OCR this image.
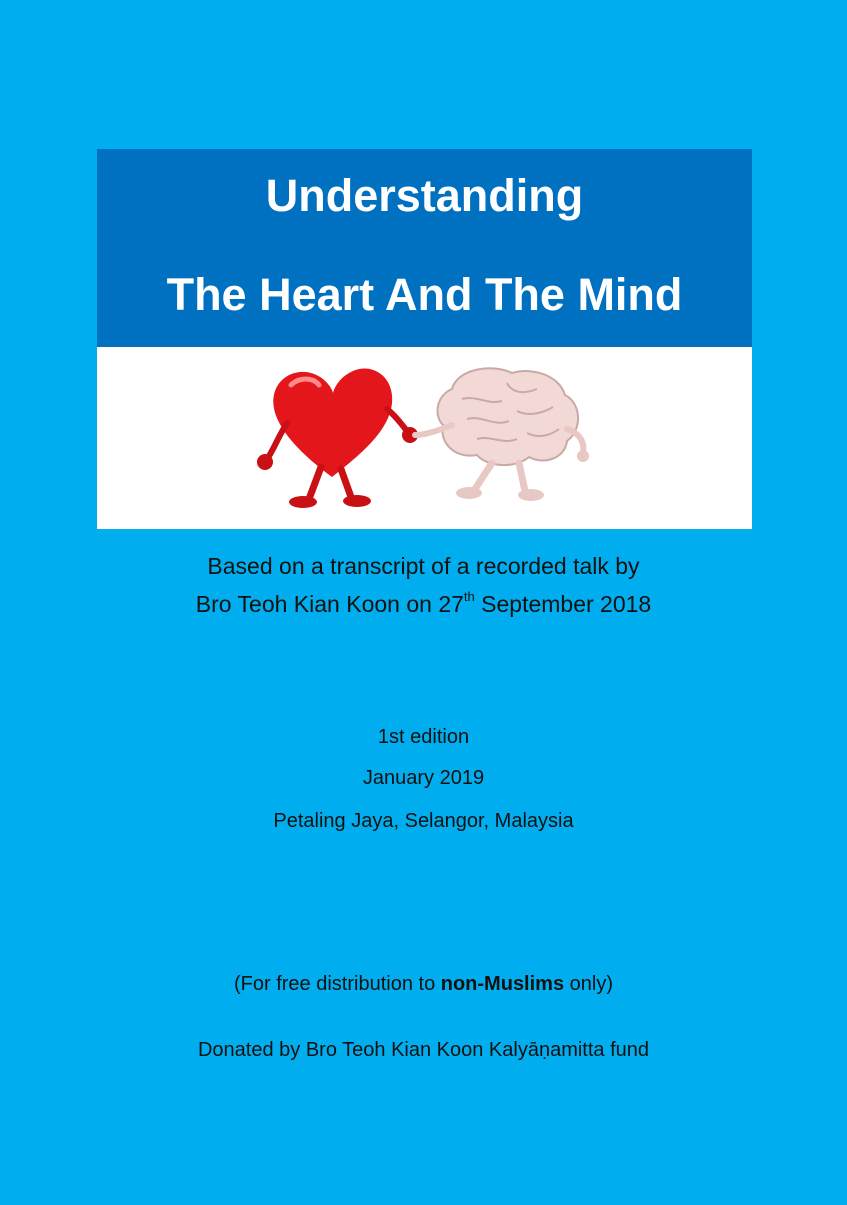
Understanding
The Heart And The Mind
Based on a transcript of a recorded talk by
Bro Teoh Kian Koon on 27th September 2018
1st edition
January 2019
Petaling Jaya, Selangor, Malaysia
(For free distribution to non-Muslims only)
Donated by Bro Teoh Kian Koon Kalyāṇamitta fund
